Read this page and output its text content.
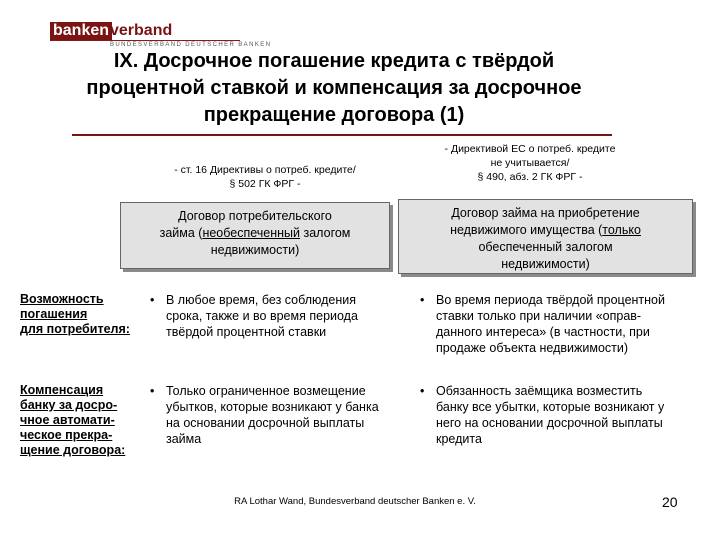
banken verband
BUNDESVERBAND DEUTSCHER BANKEN
IX. Досрочное погашение кредита с твёрдой
процентной ставкой и компенсация за досрочное
прекращение договора (1)
- ст. 16 Директивы о потреб. кредите/
§ 502 ГК ФРГ -
- Директивой ЕС о потреб. кредите
не учитывается/
§ 490, абз. 2 ГК ФРГ -
Договор потребительского
займа (необеспеченный залогом
недвижимости)
Договор займа на приобретение
недвижимого имущества (только
обеспеченный залогом
недвижимости)
Возможность
погашения
для потребителя:
• В любое время, без соблюдения
срока, также и во время периода
твёрдой процентной ставки
• Во время периода твёрдой процентной
ставки только при наличии «оправ-
данного интереса» (в частности, при
продаже объекта недвижимости)
Компенсация
банку за досро-
чное автомати-
ческое прекра-
щение договора:
• Только ограниченное возмещение
убытков, которые возникают у банка
на основании досрочной выплаты
займа
• Обязанность заёмщика возместить
банку все убытки, которые возникают у
него на основании досрочной выплаты
кредита
RA Lothar Wand, Bundesverband deutscher Banken e. V.	20
